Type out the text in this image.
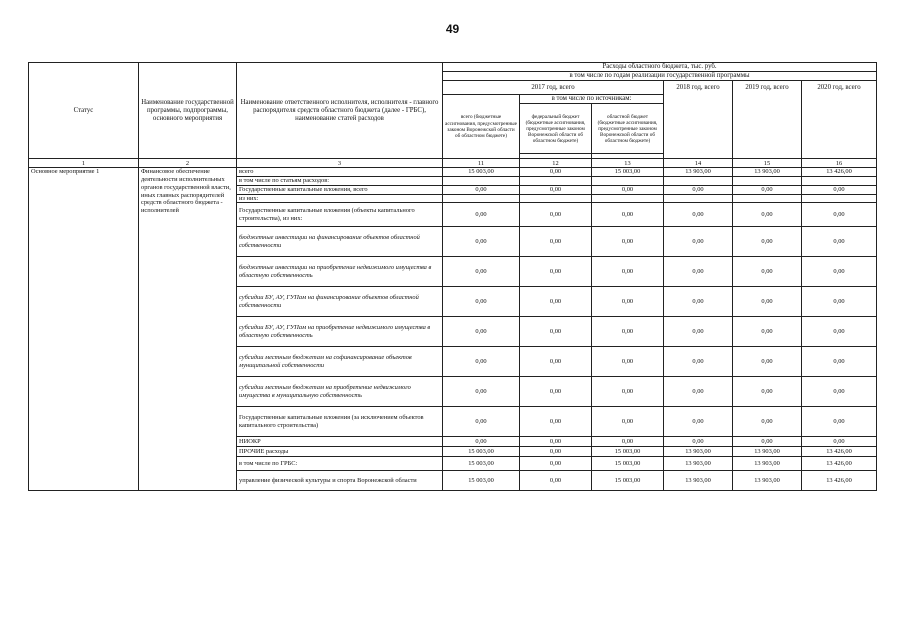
49
Статус	Наименование государственной программы, подпрограммы, основного мероприятия	Наименование ответственного исполнителя, исполнителя - главного распорядителя средств областного бюджета (далее - ГРБС), наименование статей расходов	Расходы областного бюджета, тыс. руб.					
			в том числе по годам реализации государственной программы					
			2017 год, всего			2018 год, всего	2019 год, всего	2020 год, всего
			всего (бюджетные ассигнования, предусмотренные законом Воронежской области об областном бюджете)	в том числе по источникам:				
				федеральный бюджет (бюджетные ассигнования, предусмотренные законом Воронежской области об областном бюджете)	областной бюджет (бюджетные ассигнования, предусмотренные законом Воронежской области об областном бюджете)			

1	2	3	11	12	13	14	15	16
Основное мероприятие 1	Финансовое обеспечение деятельности исполнительных органов государственной власти, иных главных распорядителей средств областного бюджета - исполнителей	всего	15 003,00	0,00	15 003,00	13 903,00	13 903,00	13 426,00
		в том числе по статьям расходов:						
		Государственные капитальные вложения, всего	0,00	0,00	0,00	0,00	0,00	0,00
		из них:						
		Государственные капитальные вложения (объекты капитального строительства), из них:	0,00	0,00	0,00	0,00	0,00	0,00
		бюджетные инвестиции на финансирование объектов областной собственности	0,00	0,00	0,00	0,00	0,00	0,00
		бюджетные инвестиции на приобретение недвижимого имущества в областную собственность	0,00	0,00	0,00	0,00	0,00	0,00
		субсидии БУ, АУ, ГУПам на финансирование объектов областной собственности	0,00	0,00	0,00	0,00	0,00	0,00
		субсидии БУ, АУ, ГУПам на приобретение недвижимого имущества в областную собственность	0,00	0,00	0,00	0,00	0,00	0,00
		субсидии местным бюджетам на софинансирование объектов муниципальной собственности	0,00	0,00	0,00	0,00	0,00	0,00
		субсидии местным бюджетам на приобретение недвижимого имущества в муниципальную собственность	0,00	0,00	0,00	0,00	0,00	0,00
		Государственные капитальные вложения (за исключением объектов капитального строительства)	0,00	0,00	0,00	0,00	0,00	0,00
		НИОКР	0,00	0,00	0,00	0,00	0,00	0,00
		ПРОЧИЕ расходы	15 003,00	0,00	15 003,00	13 903,00	13 903,00	13 426,00
		в том числе по ГРБС:	15 003,00	0,00	15 003,00	13 903,00	13 903,00	13 426,00
		управление физической культуры и спорта Воронежской области	15 003,00	0,00	15 003,00	13 903,00	13 903,00	13 426,00
